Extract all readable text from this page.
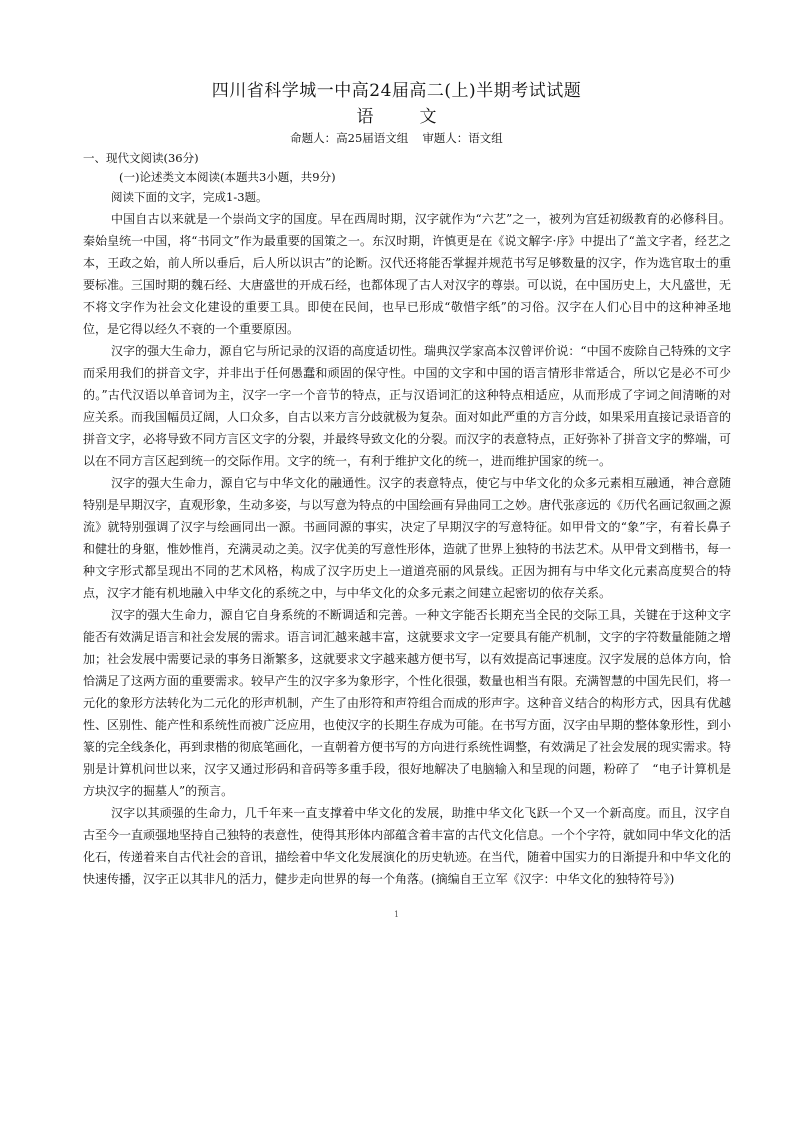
四川省科学城一中高24届高二(上)半期考试试题
语文
命题人：高25届语文组 审题人：语文组
一、现代文阅读(36分)
(一)论述类文本阅读(本题共3小题，共9分)
阅读下面的文字，完成1-3题。

中国自古以来就是一个崇尚文字的国度。早在西周时期，汉字就作为“六艺”之一，被列为宫廷初级教育的必修科目。秦始皇统一中国，将“书同文”作为最重要的国策之一。东汉时期，许慎更是在《说文解字·序》中提出了“盖文字者，经艺之本，王政之始，前人所以垂后，后人所以识古”的论断。汉代还将能否掌握并规范书写足够数量的汉字，作为选官取士的重要标准。三国时期的魏石经、大唐盛世的开成石经，也都体现了古人对汉字的尊崇。可以说，在中国历史上，大凡盛世，无不将文字作为社会文化建设的重要工具。即使在民间，也早已形成“敬惜字纸”的习俗。汉字在人们心目中的这种神圣地位，是它得以经久不衰的一个重要原因。

汉字的强大生命力，源自它与所记录的汉语的高度适切性。瑞典汉学家高本汉曾评价说：“中国不废除自己特殊的文字而采用我们的拼音文字，并非出于任何愚蠢和顽固的保守性。中国的文字和中国的语言情形非常适合，所以它是必不可少的。”古代汉语以单音词为主，汉字一字一个音节的特点，正与汉语词汇的这种特点相适应，从而形成了字词之间清晰的对应关系。而我国幅员辽阔，人口众多，自古以来方言分歧就极为复杂。面对如此严重的方言分歧，如果采用直接记录语音的拼音文字，必将导致不同方言区文字的分裂，并最终导致文化的分裂。而汉字的表意特点，正好弥补了拼音文字的弊端，可以在不同方言区起到统一的交际作用。文字的统一，有利于维护文化的统一，进而维护国家的统一。

汉字的强大生命力，源自它与中华文化的融通性。汉字的表意特点，使它与中华文化的众多元素相互融通，神合意随特别是早期汉字，直观形象，生动多姿，与以写意为特点的中国绘画有异曲同工之妙。唐代张彦远的《历代名画记叙画之源流》就特别强调了汉字与绘画同出一源。书画同源的事实，决定了早期汉字的写意特征。如甲骨文的“象”字，有着长鼻子和健壮的身躯，惟妙惟肖，充满灵动之美。汉字优美的写意性形体，造就了世界上独特的书法艺术。从甲骨文到楷书，每一种文字形式都呈现出不同的艺术风格，构成了汉字历史上一道道亮丽的风景线。正因为拥有与中华文化元素高度契合的特点，汉字才能有机地融入中华文化的系统之中，与中华文化的众多元素之间建立起密切的依存关系。

汉字的强大生命力，源自它自身系统的不断调适和完善。一种文字能否长期充当全民的交际工具，关键在于这种文字能否有效满足语言和社会发展的需求。语言词汇越来越丰富，这就要求文字一定要具有能产机制，文字的字符数量能随之增加；社会发展中需要记录的事务日渐繁多，这就要求文字越来越方便书写，以有效提高记事速度。汉字发展的总体方向，恰恰满足了这两方面的重要需求。较早产生的汉字多为象形字，个性化很强，数量也相当有限。充满智慧的中国先民们，将一元化的象形方法转化为二元化的形声机制，产生了由形符和声符组合而成的形声字。这种音义结合的构形方式，因具有优越性、区别性、能产性和系统性而被广泛应用，也使汉字的长期生存成为可能。在书写方面，汉字由早期的整体象形性，到小篆的完全线条化，再到隶楷的彻底笔画化，一直朝着方便书写的方向进行系统性调整，有效满足了社会发展的现实需求。特别是计算机问世以来，汉字又通过形码和音码等多重手段，很好地解决了电脑输入和呈现的问题，粉碎了　“电子计算机是方块汉字的掘墓人”的预言。

汉字以其顽强的生命力，几千年来一直支撑着中华文化的发展，助推中华文化飞跃一个又一个新高度。而且，汉字自古至今一直顽强地坚持自己独特的表意性，使得其形体内部蕴含着丰富的古代文化信息。一个个字符，就如同中华文化的活化石，传递着来自古代社会的音讯，描绘着中华文化发展演化的历史轨迹。在当代，随着中国实力的日渐提升和中华文化的快速传播，汉字正以其非凡的活力，健步走向世界的每一个角落。(摘编自王立军《汉字：中华文化的独特符号》)

1
